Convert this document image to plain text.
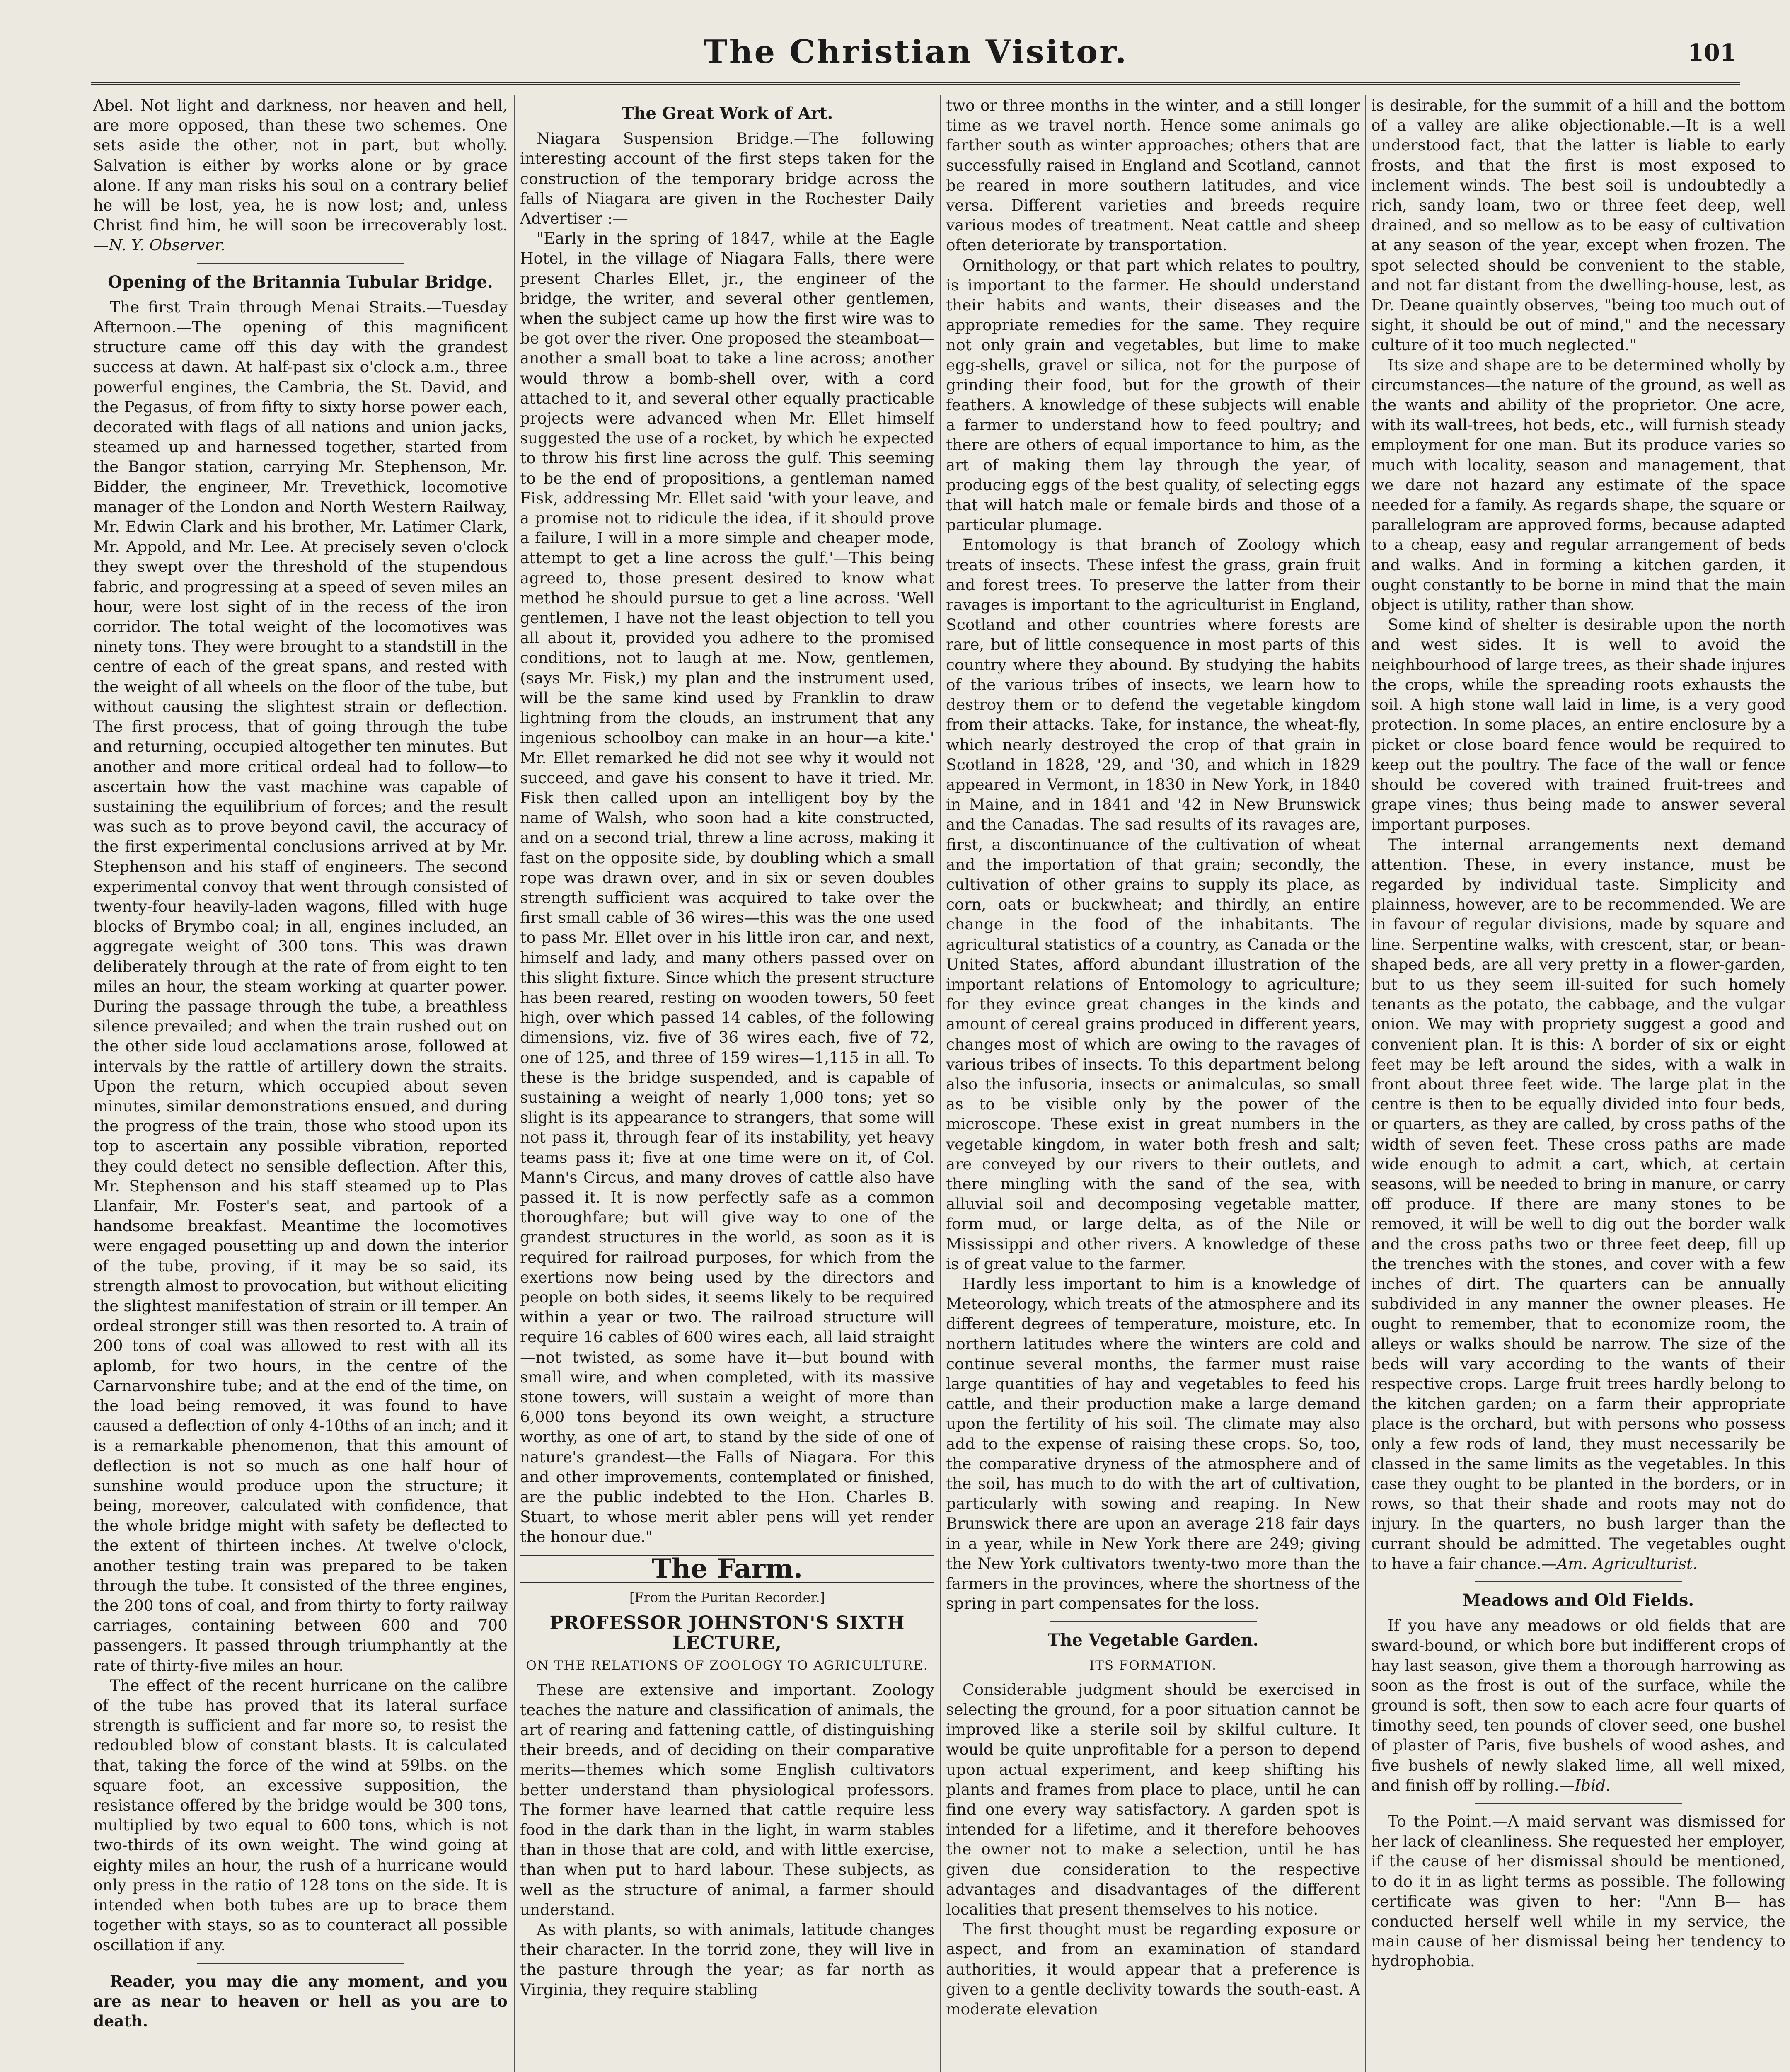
The Christian Visitor.	101

Abel. Not light and darkness, nor heaven and hell, are more opposed, than these two schemes. One sets aside the other, not in part, but wholly. Salvation is either by works alone or by grace alone. If any man risks his soul on a contrary belief he will be lost, yea, he is now lost; and, unless Christ find him, he will soon be irrecoverably lost. —N. Y. Observer.

Opening of the Britannia Tubular Bridge.

The first Train through Menai Straits.—Tuesday Afternoon.—The opening of this magnificent structure came off this day with the grandest success at dawn. At half-past six o'clock a.m., three powerful engines, the Cambria, the St. David, and the Pegasus, of from fifty to sixty horse power each, decorated with flags of all nations and union jacks, steamed up and harnessed together, started from the Bangor station, carrying Mr. Stephenson, Mr. Bidder, the engineer, Mr. Trevethick, locomotive manager of the London and North Western Railway, Mr. Edwin Clark and his brother, Mr. Latimer Clark, Mr. Appold, and Mr. Lee. At precisely seven o'clock they swept over the threshold of the stupendous fabric, and progressing at a speed of seven miles an hour, were lost sight of in the recess of the iron corridor. The total weight of the locomotives was ninety tons. They were brought to a standstill in the centre of each of the great spans, and rested with the weight of all wheels on the floor of the tube, but without causing the slightest strain or deflection. The first process, that of going through the tube and returning, occupied altogether ten minutes. But another and more critical ordeal had to follow—to ascertain how the vast machine was capable of sustaining the equilibrium of forces; and the result was such as to prove beyond cavil, the accuracy of the first experimental conclusions arrived at by Mr. Stephenson and his staff of engineers. The second experimental convoy that went through consisted of twenty-four heavily-laden wagons, filled with huge blocks of Brymbo coal; in all, engines included, an aggregate weight of 300 tons. This was drawn deliberately through at the rate of from eight to ten miles an hour, the steam working at quarter power. During the passage through the tube, a breathless silence prevailed; and when the train rushed out on the other side loud acclamations arose, followed at intervals by the rattle of artillery down the straits. Upon the return, which occupied about seven minutes, similar demonstrations ensued, and during the progress of the train, those who stood upon its top to ascertain any possible vibration, reported they could detect no sensible deflection. After this, Mr. Stephenson and his staff steamed up to Plas Llanfair, Mr. Foster's seat, and partook of a handsome breakfast. Meantime the locomotives were engaged pousetting up and down the interior of the tube, proving, if it may be so said, its strength almost to provocation, but without eliciting the slightest manifestation of strain or ill temper. An ordeal stronger still was then resorted to. A train of 200 tons of coal was allowed to rest with all its aplomb, for two hours, in the centre of the Carnarvonshire tube; and at the end of the time, on the load being removed, it was found to have caused a deflection of only 4-10ths of an inch; and it is a remarkable phenomenon, that this amount of deflection is not so much as one half hour of sunshine would produce upon the structure; it being, moreover, calculated with confidence, that the whole bridge might with safety be deflected to the extent of thirteen inches. At twelve o'clock, another testing train was prepared to be taken through the tube. It consisted of the three engines, the 200 tons of coal, and from thirty to forty railway carriages, containing between 600 and 700 passengers. It passed through triumphantly at the rate of thirty-five miles an hour.

The effect of the recent hurricane on the calibre of the tube has proved that its lateral surface strength is sufficient and far more so, to resist the redoubled blow of constant blasts. It is calculated that, taking the force of the wind at 59lbs. on the square foot, an excessive supposition, the resistance offered by the bridge would be 300 tons, multiplied by two equal to 600 tons, which is not two-thirds of its own weight. The wind going at eighty miles an hour, the rush of a hurricane would only press in the ratio of 128 tons on the side. It is intended when both tubes are up to brace them together with stays, so as to counteract all possible oscillation if any.

Reader, you may die any moment, and you are as near to heaven or hell as you are to death.

The Great Work of Art.

Niagara Suspension Bridge.—The following interesting account of the first steps taken for the construction of the temporary bridge across the falls of Niagara are given in the Rochester Daily Advertiser :—

"Early in the spring of 1847, while at the Eagle Hotel, in the village of Niagara Falls, there were present Charles Ellet, jr., the engineer of the bridge, the writer, and several other gentlemen, when the subject came up how the first wire was to be got over the river. One proposed the steamboat—another a small boat to take a line across; another would throw a bomb-shell over, with a cord attached to it, and several other equally practicable projects were advanced when Mr. Ellet himself suggested the use of a rocket, by which he expected to throw his first line across the gulf. This seeming to be the end of propositions, a gentleman named Fisk, addressing Mr. Ellet said 'with your leave, and a promise not to ridicule the idea, if it should prove a failure, I will in a more simple and cheaper mode, attempt to get a line across the gulf.'—This being agreed to, those present desired to know what method he should pursue to get a line across. 'Well gentlemen, I have not the least objection to tell you all about it, provided you adhere to the promised conditions, not to laugh at me. Now, gentlemen, (says Mr. Fisk,) my plan and the instrument used, will be the same kind used by Franklin to draw lightning from the clouds, an instrument that any ingenious schoolboy can make in an hour—a kite.' Mr. Ellet remarked he did not see why it would not succeed, and gave his consent to have it tried. Mr. Fisk then called upon an intelligent boy by the name of Walsh, who soon had a kite constructed, and on a second trial, threw a line across, making it fast on the opposite side, by doubling which a small rope was drawn over, and in six or seven doubles strength sufficient was acquired to take over the first small cable of 36 wires—this was the one used to pass Mr. Ellet over in his little iron car, and next, himself and lady, and many others passed over on this slight fixture. Since which the present structure has been reared, resting on wooden towers, 50 feet high, over which passed 14 cables, of the following dimensions, viz. five of 36 wires each, five of 72, one of 125, and three of 159 wires—1,115 in all. To these is the bridge suspended, and is capable of sustaining a weight of nearly 1,000 tons; yet so slight is its appearance to strangers, that some will not pass it, through fear of its instability, yet heavy teams pass it; five at one time were on it, of Col. Mann's Circus, and many droves of cattle also have passed it. It is now perfectly safe as a common thoroughfare; but will give way to one of the grandest structures in the world, as soon as it is required for railroad purposes, for which from the exertions now being used by the directors and people on both sides, it seems likely to be required within a year or two. The railroad structure will require 16 cables of 600 wires each, all laid straight—not twisted, as some have it—but bound with small wire, and when completed, with its massive stone towers, will sustain a weight of more than 6,000 tons beyond its own weight, a structure worthy, as one of art, to stand by the side of one of nature's grandest—the Falls of Niagara. For this and other improvements, contemplated or finished, are the public indebted to the Hon. Charles B. Stuart, to whose merit abler pens will yet render the honour due."

The Farm.
[From the Puritan Recorder.]
PROFESSOR JOHNSTON'S SIXTH LECTURE,
ON THE RELATIONS OF ZOOLOGY TO AGRICULTURE.

These are extensive and important. Zoology teaches the nature and classification of animals, the art of rearing and fattening cattle, of distinguishing their breeds, and of deciding on their comparative merits—themes which some English cultivators better understand than physiological professors. The former have learned that cattle require less food in the dark than in the light, in warm stables than in those that are cold, and with little exercise, than when put to hard labour. These subjects, as well as the structure of animal, a farmer should understand.

As with plants, so with animals, latitude changes their character. In the torrid zone, they will live in the pasture through the year; as far north as Virginia, they require stabling

two or three months in the winter, and a still longer time as we travel north. Hence some animals go farther south as winter approaches; others that are successfully raised in England and Scotland, cannot be reared in more southern latitudes, and vice versa. Different varieties and breeds require various modes of treatment. Neat cattle and sheep often deteriorate by transportation.

Ornithology, or that part which relates to poultry, is important to the farmer. He should understand their habits and wants, their diseases and the appropriate remedies for the same. They require not only grain and vegetables, but lime to make egg-shells, gravel or silica, not for the purpose of grinding their food, but for the growth of their feathers. A knowledge of these subjects will enable a farmer to understand how to feed poultry; and there are others of equal importance to him, as the art of making them lay through the year, of producing eggs of the best quality, of selecting eggs that will hatch male or female birds and those of a particular plumage.

Entomology is that branch of Zoology which treats of insects. These infest the grass, grain fruit and forest trees. To preserve the latter from their ravages is important to the agriculturist in England, Scotland and other countries where forests are rare, but of little consequence in most parts of this country where they abound. By studying the habits of the various tribes of insects, we learn how to destroy them or to defend the vegetable kingdom from their attacks. Take, for instance, the wheat-fly, which nearly destroyed the crop of that grain in Scotland in 1828, '29, and '30, and which in 1829 appeared in Vermont, in 1830 in New York, in 1840 in Maine, and in 1841 and '42 in New Brunswick and the Canadas. The sad results of its ravages are, first, a discontinuance of the cultivation of wheat and the importation of that grain; secondly, the cultivation of other grains to supply its place, as corn, oats or buckwheat; and thirdly, an entire change in the food of the inhabitants. The agricultural statistics of a country, as Canada or the United States, afford abundant illustration of the important relations of Entomology to agriculture; for they evince great changes in the kinds and amount of cereal grains produced in different years, changes most of which are owing to the ravages of various tribes of insects. To this department belong also the infusoria, insects or animalculas, so small as to be visible only by the power of the microscope. These exist in great numbers in the vegetable kingdom, in water both fresh and salt; are conveyed by our rivers to their outlets, and there mingling with the sand of the sea, with alluvial soil and decomposing vegetable matter, form mud, or large delta, as of the Nile or Mississippi and other rivers. A knowledge of these is of great value to the farmer.

Hardly less important to him is a knowledge of Meteorology, which treats of the atmosphere and its different degrees of temperature, moisture, etc. In northern latitudes where the winters are cold and continue several months, the farmer must raise large quantities of hay and vegetables to feed his cattle, and their production make a large demand upon the fertility of his soil. The climate may also add to the expense of raising these crops. So, too, the comparative dryness of the atmosphere and of the soil, has much to do with the art of cultivation, particularly with sowing and reaping. In New Brunswick there are upon an average 218 fair days in a year, while in New York there are 249; giving the New York cultivators twenty-two more than the farmers in the provinces, where the shortness of the spring in part compensates for the loss.

The Vegetable Garden.
ITS FORMATION.

Considerable judgment should be exercised in selecting the ground, for a poor situation cannot be improved like a sterile soil by skilful culture. It would be quite unprofitable for a person to depend upon actual experiment, and keep shifting his plants and frames from place to place, until he can find one every way satisfactory. A garden spot is intended for a lifetime, and it therefore behooves the owner not to make a selection, until he has given due consideration to the respective advantages and disadvantages of the different localities that present themselves to his notice.

The first thought must be regarding exposure or aspect, and from an examination of standard authorities, it would appear that a preference is given to a gentle declivity towards the south-east. A moderate elevation

is desirable, for the summit of a hill and the bottom of a valley are alike objectionable.—It is a well understood fact, that the latter is liable to early frosts, and that the first is most exposed to inclement winds. The best soil is undoubtedly a rich, sandy loam, two or three feet deep, well drained, and so mellow as to be easy of cultivation at any season of the year, except when frozen. The spot selected should be convenient to the stable, and not far distant from the dwelling-house, lest, as Dr. Deane quaintly observes, "being too much out of sight, it should be out of mind," and the necessary culture of it too much neglected."

Its size and shape are to be determined wholly by circumstances—the nature of the ground, as well as the wants and ability of the proprietor. One acre, with its wall-trees, hot beds, etc., will furnish steady employment for one man. But its produce varies so much with locality, season and management, that we dare not hazard any estimate of the space needed for a family. As regards shape, the square or parallelogram are approved forms, because adapted to a cheap, easy and regular arrangement of beds and walks. And in forming a kitchen garden, it ought constantly to be borne in mind that the main object is utility, rather than show.

Some kind of shelter is desirable upon the north and west sides. It is well to avoid the neighbourhood of large trees, as their shade injures the crops, while the spreading roots exhausts the soil. A high stone wall laid in lime, is a very good protection. In some places, an entire enclosure by a picket or close board fence would be required to keep out the poultry. The face of the wall or fence should be covered with trained fruit-trees and grape vines; thus being made to answer several important purposes.

The internal arrangements next demand attention. These, in every instance, must be regarded by individual taste. Simplicity and plainness, however, are to be recommended. We are in favour of regular divisions, made by square and line. Serpentine walks, with crescent, star, or bean-shaped beds, are all very pretty in a flower-garden, but to us they seem ill-suited for such homely tenants as the potato, the cabbage, and the vulgar onion. We may with propriety suggest a good and convenient plan. It is this: A border of six or eight feet may be left around the sides, with a walk in front about three feet wide. The large plat in the centre is then to be equally divided into four beds, or quarters, as they are called, by cross paths of the width of seven feet. These cross paths are made wide enough to admit a cart, which, at certain seasons, will be needed to bring in manure, or carry off produce. If there are many stones to be removed, it will be well to dig out the border walk and the cross paths two or three feet deep, fill up the trenches with the stones, and cover with a few inches of dirt. The quarters can be annually subdivided in any manner the owner pleases. He ought to remember, that to economize room, the alleys or walks should be narrow. The size of the beds will vary according to the wants of their respective crops. Large fruit trees hardly belong to the kitchen garden; on a farm their appropriate place is the orchard, but with persons who possess only a few rods of land, they must necessarily be classed in the same limits as the vegetables. In this case they ought to be planted in the borders, or in rows, so that their shade and roots may not do injury. In the quarters, no bush larger than the currant should be admitted. The vegetables ought to have a fair chance.—Am. Agriculturist.

Meadows and Old Fields.

If you have any meadows or old fields that are sward-bound, or which bore but indifferent crops of hay last season, give them a thorough harrowing as soon as the frost is out of the surface, while the ground is soft, then sow to each acre four quarts of timothy seed, ten pounds of clover seed, one bushel of plaster of Paris, five bushels of wood ashes, and five bushels of newly slaked lime, all well mixed, and finish off by rolling.—Ibid.

To the Point.—A maid servant was dismissed for her lack of cleanliness. She requested her employer, if the cause of her dismissal should be mentioned, to do it in as light terms as possible. The following certificate was given to her: "Ann B— has conducted herself well while in my service, the main cause of her dismissal being her tendency to hydrophobia.
